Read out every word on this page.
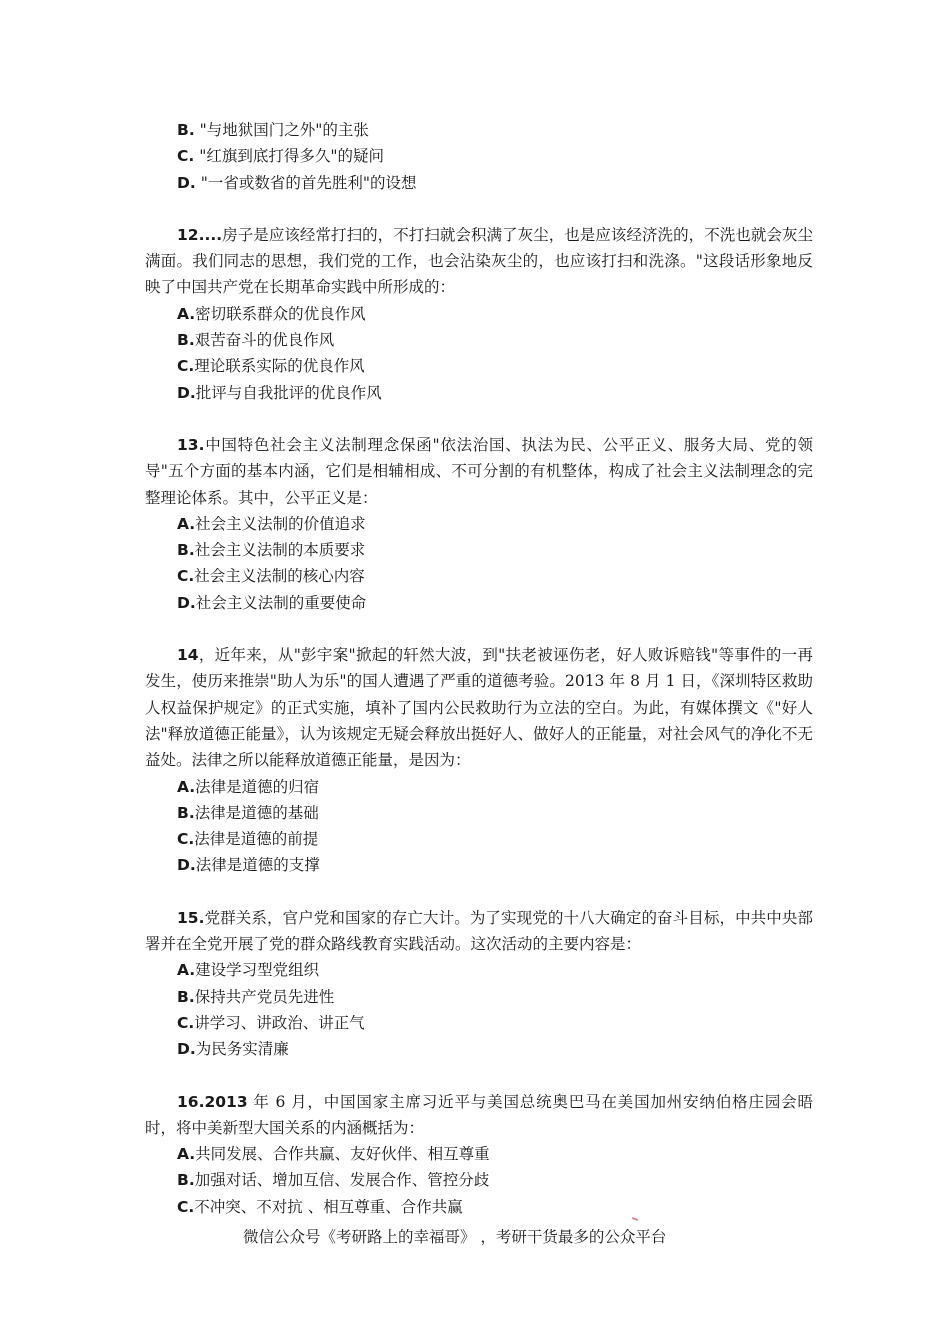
B. "与地狱国门之外"的主张
C. "红旗到底打得多久"的疑问
D. "一省或数省的首先胜利"的设想

12....房子是应该经常打扫的，不打扫就会积满了灰尘，也是应该经济洗的，不洗也就会灰尘满面。我们同志的思想，我们党的工作，也会沾染灰尘的，也应该打扫和洗涤。"这段话形象地反映了中国共产党在长期革命实践中所形成的：

A.密切联系群众的优良作风
B.艰苦奋斗的优良作风
C.理论联系实际的优良作风
D.批评与自我批评的优良作风

13.中国特色社会主义法制理念保函"依法治国、执法为民、公平正义、服务大局、党的领导"五个方面的基本内涵，它们是相辅相成、不可分割的有机整体，构成了社会主义法制理念的完整理论体系。其中，公平正义是：

A.社会主义法制的价值追求
B.社会主义法制的本质要求
C.社会主义法制的核心内容
D.社会主义法制的重要使命

14，近年来，从"彭宇案"掀起的轩然大波，到"扶老被诬伤老，好人败诉赔钱"等事件的一再发生，使历来推崇"助人为乐"的国人遭遇了严重的道德考验。2013 年 8 月 1 日，《深圳特区救助人权益保护规定》的正式实施，填补了国内公民救助行为立法的空白。为此，有媒体撰文《"好人法"释放道德正能量》，认为该规定无疑会释放出挺好人、做好人的正能量，对社会风气的净化不无益处。法律之所以能释放道德正能量，是因为：

A.法律是道德的归宿
B.法律是道德的基础
C.法律是道德的前提
D.法律是道德的支撑

15.党群关系，官户党和国家的存亡大计。为了实现党的十八大确定的奋斗目标，中共中央部署并在全党开展了党的群众路线教育实践活动。这次活动的主要内容是：

A.建设学习型党组织
B.保持共产党员先进性
C.讲学习、讲政治、讲正气
D.为民务实清廉

16.2013 年 6 月，中国国家主席习近平与美国总统奥巴马在美国加州安纳伯格庄园会晤时，将中美新型大国关系的内涵概括为：

A.共同发展、合作共赢、友好伙伴、相互尊重
B.加强对话、增加互信、发展合作、管控分歧
C.不冲突、不对抗 、相互尊重、合作共赢
微信公众号《考研路上的幸福哥》 ，考研干货最多的公众平台
